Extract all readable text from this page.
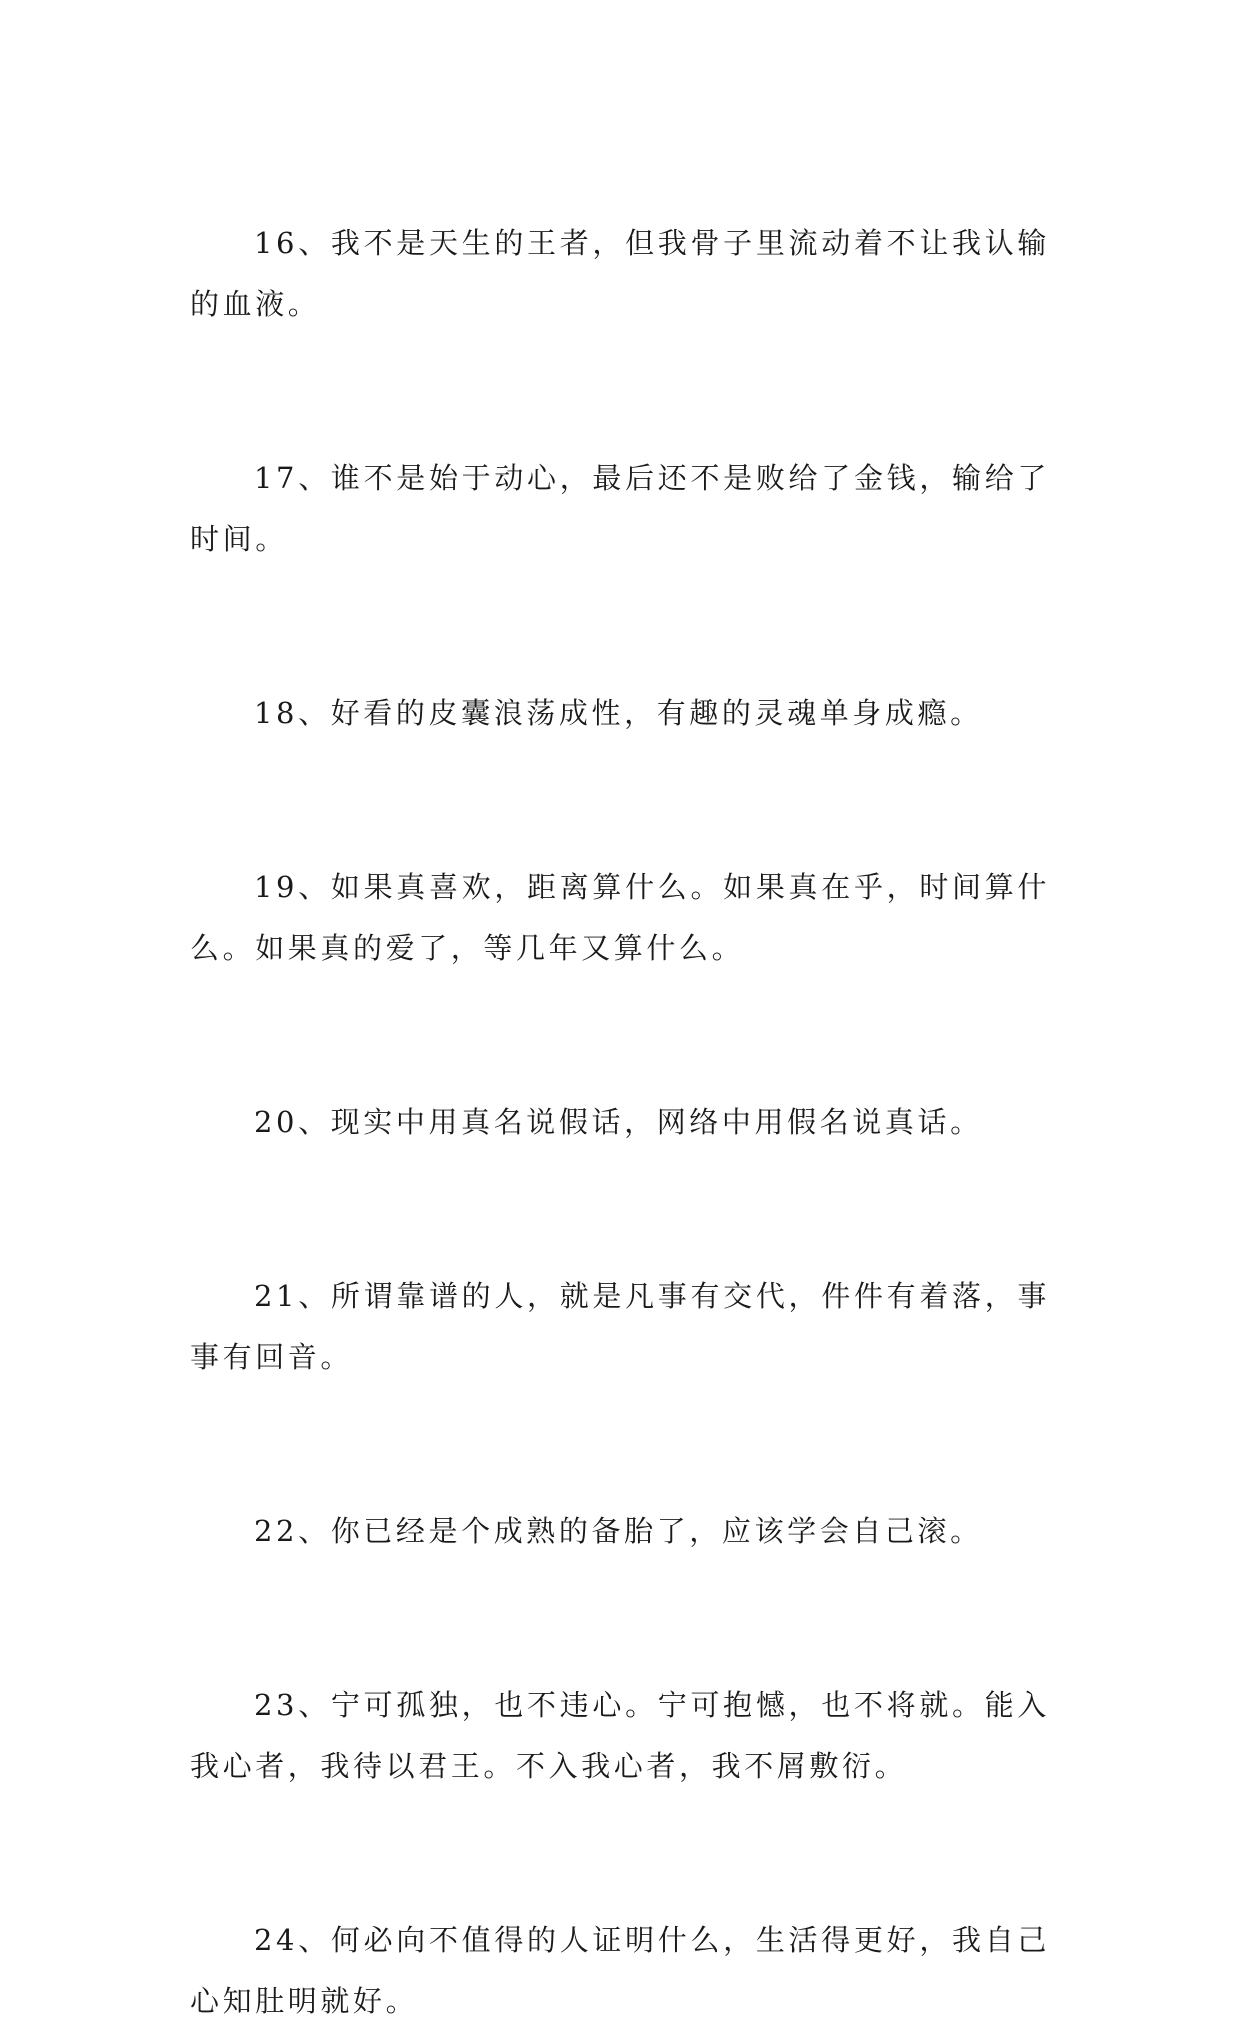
16、我不是天生的王者，但我骨子里流动着不让我认输的血液。

17、谁不是始于动心，最后还不是败给了金钱，输给了时间。

18、好看的皮囊浪荡成性，有趣的灵魂单身成瘾。

19、如果真喜欢，距离算什么。如果真在乎，时间算什么。如果真的爱了，等几年又算什么。

20、现实中用真名说假话，网络中用假名说真话。

21、所谓靠谱的人，就是凡事有交代，件件有着落，事事有回音。

22、你已经是个成熟的备胎了，应该学会自己滚。

23、宁可孤独，也不违心。宁可抱憾，也不将就。能入我心者，我待以君王。不入我心者，我不屑敷衍。

24、何必向不值得的人证明什么，生活得更好，我自己心知肚明就好。
